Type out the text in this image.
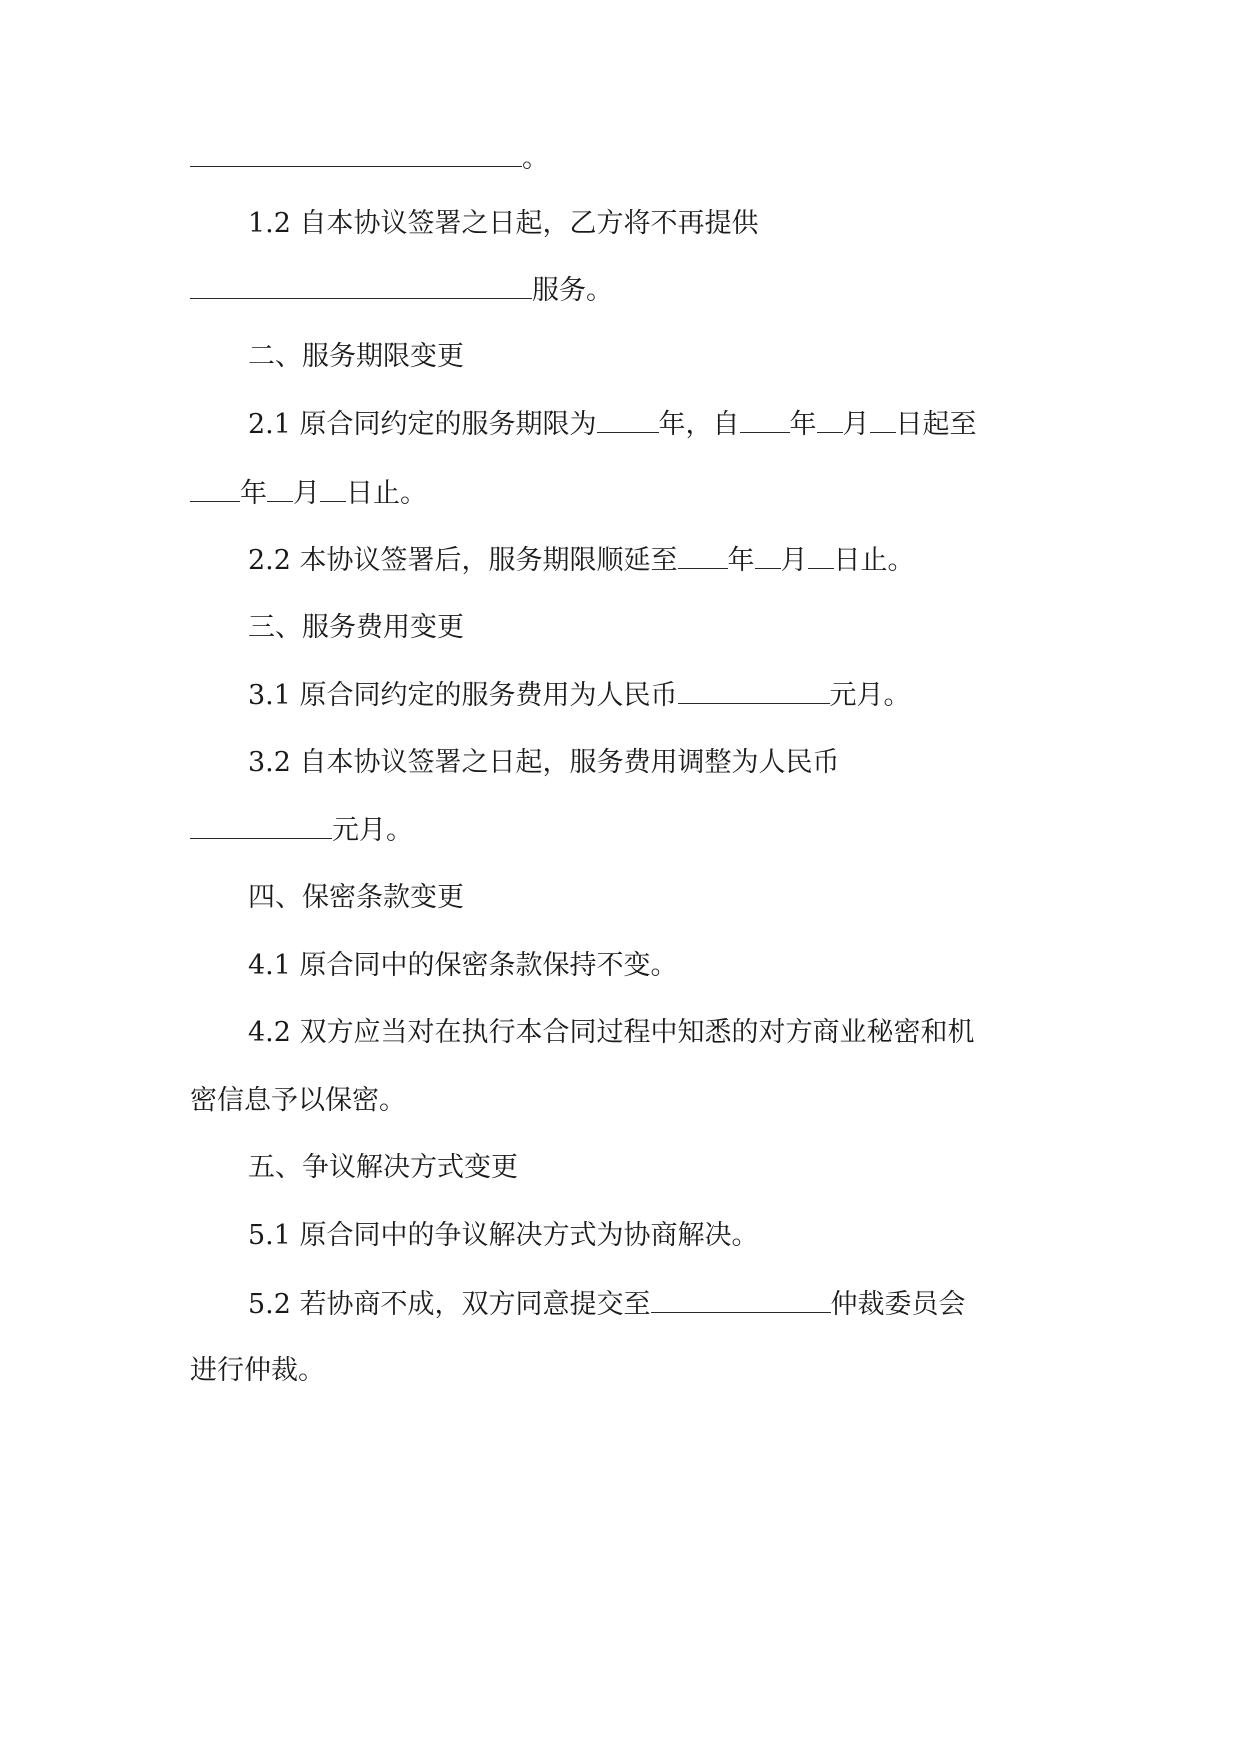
。
1.2 自本协议签署之日起，乙方将不再提供
服务。
二、服务期限变更
2.1 原合同约定的服务期限为 年，自 年 月 日起至
年 月 日止。
2.2 本协议签署后，服务期限顺延至 年 月 日止。
三、服务费用变更
3.1 原合同约定的服务费用为人民币	元月。
3.2 自本协议签署之日起，服务费用调整为人民币
元月。
四、保密条款变更
4.1 原合同中的保密条款保持不变。
4.2 双方应当对在执行本合同过程中知悉的对方商业秘密和机
密信息予以保密。
五、争议解决方式变更
5.1 原合同中的争议解决方式为协商解决。
5.2 若协商不成，双方同意提交至	仲裁委员会
进行仲裁。
